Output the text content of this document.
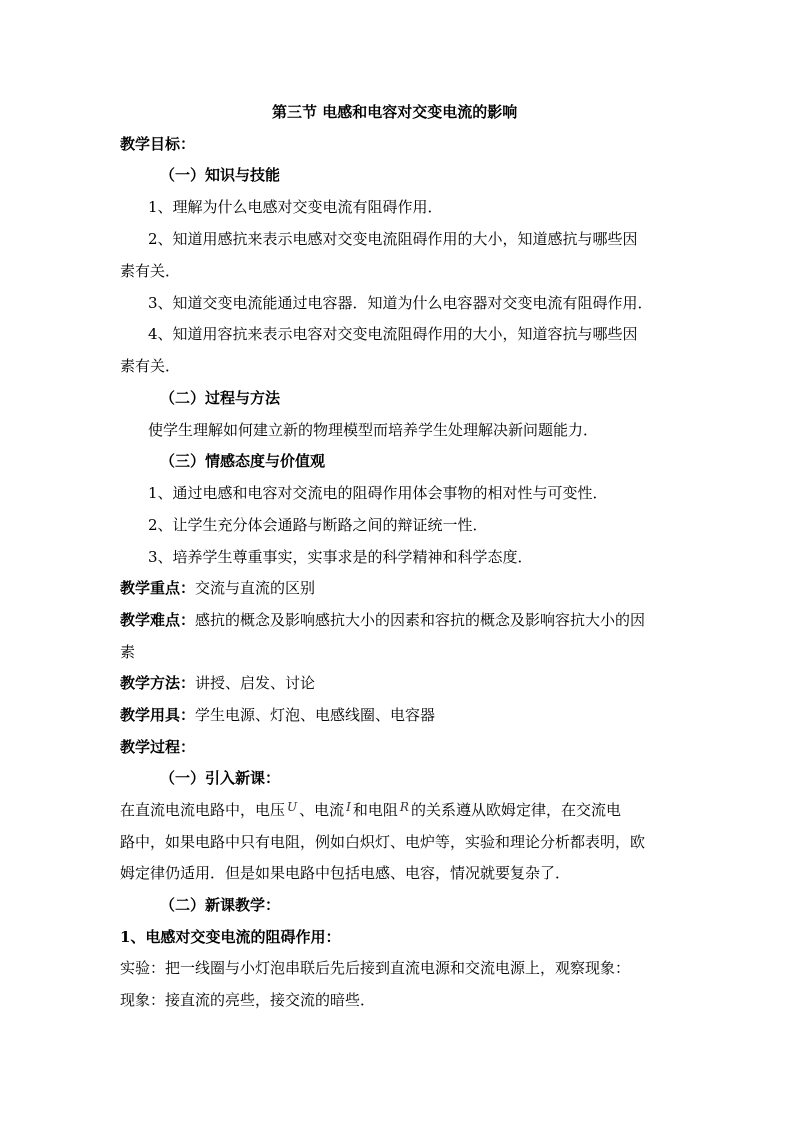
第三节 电感和电容对交变电流的影响
教学目标：
（一）知识与技能
1、理解为什么电感对交变电流有阻碍作用．
2、知道用感抗来表示电感对交变电流阻碍作用的大小，知道感抗与哪些因
素有关．
3、知道交变电流能通过电容器．知道为什么电容器对交变电流有阻碍作用．
4、知道用容抗来表示电容对交变电流阻碍作用的大小，知道容抗与哪些因
素有关．
（二）过程与方法
使学生理解如何建立新的物理模型而培养学生处理解决新问题能力．
（三）情感态度与价值观
1、通过电感和电容对交流电的阻碍作用体会事物的相对性与可变性．
2、让学生充分体会通路与断路之间的辩证统一性．
3、培养学生尊重事实，实事求是的科学精神和科学态度．
教学重点：交流与直流的区别
教学难点：感抗的概念及影响感抗大小的因素和容抗的概念及影响容抗大小的因
素
教学方法：讲授、启发、讨论
教学用具：学生电源、灯泡、电感线圈、电容器
教学过程：
（一）引入新课：
在直流电流电路中，电压 $^U$ 、电流 $^I$ 和电阻 $^R$ 的关系遵从欧姆定律，在交流电
路中，如果电路中只有电阻，例如白炽灯、电炉等，实验和理论分析都表明，欧
姆定律仍适用．但是如果电路中包括电感、电容，情况就要复杂了．
（二）新课教学：
1、电感对交变电流的阻碍作用：
实验：把一线圈与小灯泡串联后先后接到直流电源和交流电源上，观察现象：
现象：接直流的亮些，接交流的暗些．
